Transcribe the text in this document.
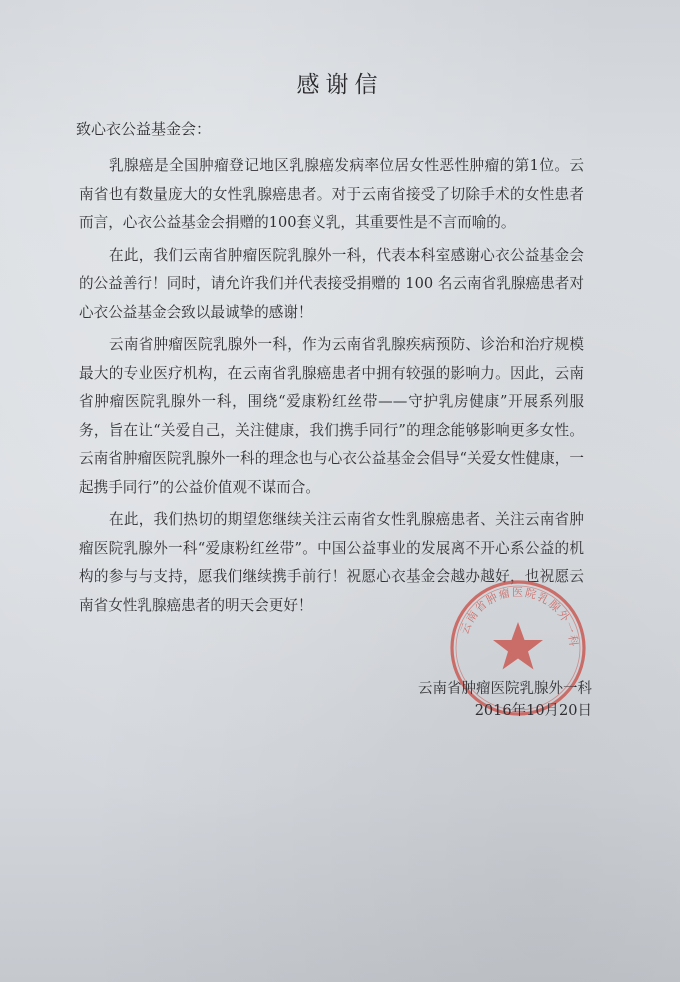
感谢信
致心衣公益基金会：

乳腺癌是全国肿瘤登记地区乳腺癌发病率位居女性恶性肿瘤的第1位。云南省也有数量庞大的女性乳腺癌患者。对于云南省接受了切除手术的女性患者而言，心衣公益基金会捐赠的100套义乳，其重要性是不言而喻的。

在此，我们云南省肿瘤医院乳腺外一科，代表本科室感谢心衣公益基金会的公益善行！同时，请允许我们并代表接受捐赠的 100 名云南省乳腺癌患者对心衣公益基金会致以最诚挚的感谢！

云南省肿瘤医院乳腺外一科，作为云南省乳腺疾病预防、诊治和治疗规模最大的专业医疗机构，在云南省乳腺癌患者中拥有较强的影响力。因此，云南省肿瘤医院乳腺外一科，围绕“爱康粉红丝带——守护乳房健康”开展系列服务，旨在让“关爱自己，关注健康，我们携手同行”的理念能够影响更多女性。云南省肿瘤医院乳腺外一科的理念也与心衣公益基金会倡导“关爱女性健康，一起携手同行”的公益价值观不谋而合。

在此，我们热切的期望您继续关注云南省女性乳腺癌患者、关注云南省肿瘤医院乳腺外一科“爱康粉红丝带”。中国公益事业的发展离不开心系公益的机构的参与与支持，愿我们继续携手前行！祝愿心衣基金会越办越好，也祝愿云南省女性乳腺癌患者的明天会更好！

云南省肿瘤医院乳腺外一科
云南省肿瘤医院乳腺外一科
2016年10月20日
